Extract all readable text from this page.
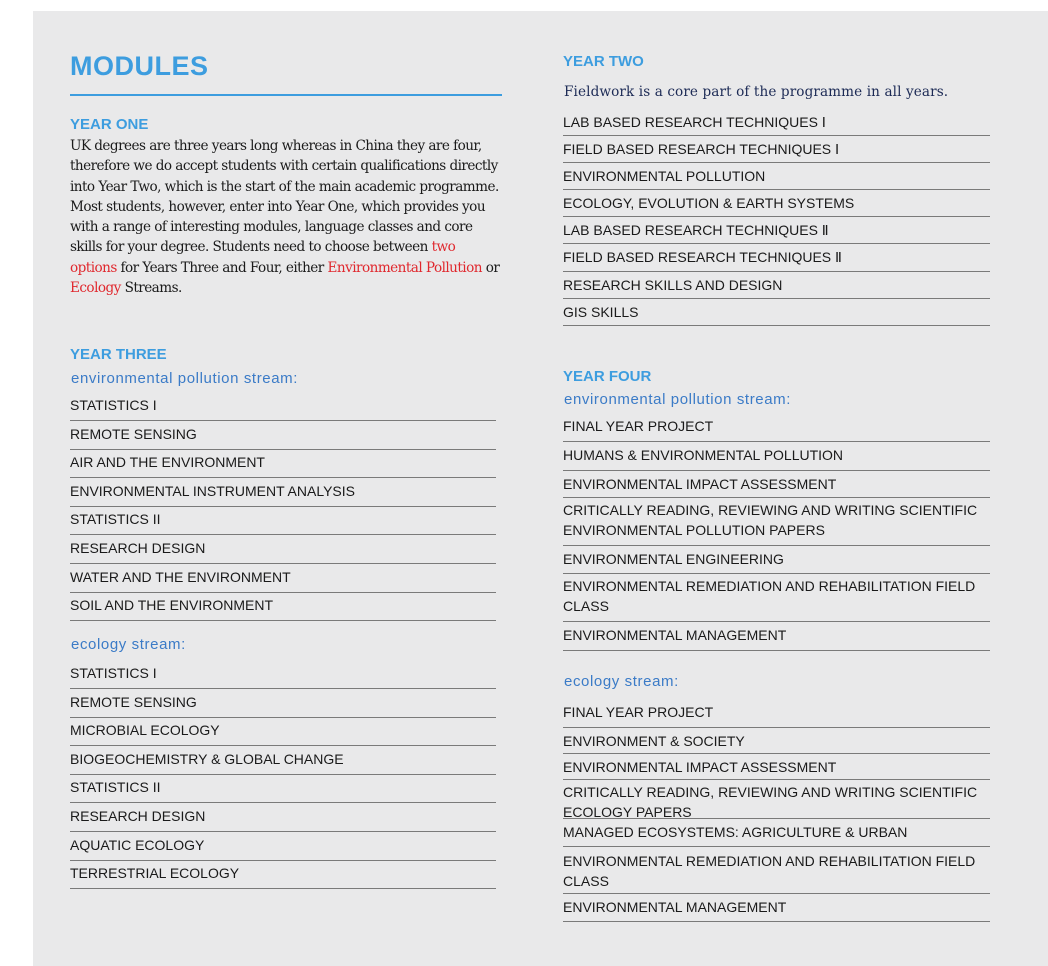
MODULES
YEAR ONE
UK degrees are three years long whereas in China they are four, therefore we do accept students with certain qualifications directly into Year Two, which is the start of the main academic programme. Most students, however, enter into Year One, which provides you with a range of interesting modules, language classes and core skills for your degree. Students need to choose between two options for Years Three and Four, either Environmental Pollution or Ecology Streams.
YEAR THREE
environmental pollution stream:
STATISTICS I
REMOTE SENSING
AIR AND THE ENVIRONMENT
ENVIRONMENTAL INSTRUMENT ANALYSIS
STATISTICS II
RESEARCH DESIGN
WATER AND THE ENVIRONMENT
SOIL AND THE ENVIRONMENT
ecology stream:
STATISTICS I
REMOTE SENSING
MICROBIAL ECOLOGY
BIOGEOCHEMISTRY & GLOBAL CHANGE
STATISTICS II
RESEARCH DESIGN
AQUATIC ECOLOGY
TERRESTRIAL ECOLOGY
YEAR TWO
Fieldwork is a core part of the programme in all years.
LAB BASED RESEARCH TECHNIQUES Ⅰ
FIELD BASED RESEARCH TECHNIQUES Ⅰ
ENVIRONMENTAL POLLUTION
ECOLOGY, EVOLUTION & EARTH SYSTEMS
LAB BASED RESEARCH TECHNIQUES Ⅱ
FIELD BASED RESEARCH TECHNIQUES Ⅱ
RESEARCH SKILLS AND DESIGN
GIS SKILLS
YEAR FOUR
environmental pollution stream:
FINAL YEAR PROJECT
HUMANS & ENVIRONMENTAL POLLUTION
ENVIRONMENTAL IMPACT ASSESSMENT
CRITICALLY READING, REVIEWING AND WRITING SCIENTIFIC ENVIRONMENTAL POLLUTION PAPERS
ENVIRONMENTAL ENGINEERING
ENVIRONMENTAL REMEDIATION AND REHABILITATION FIELD CLASS
ENVIRONMENTAL MANAGEMENT
ecology stream:
FINAL YEAR PROJECT
ENVIRONMENT & SOCIETY
ENVIRONMENTAL IMPACT ASSESSMENT
CRITICALLY READING, REVIEWING AND WRITING SCIENTIFIC ECOLOGY PAPERS
MANAGED ECOSYSTEMS: AGRICULTURE & URBAN
ENVIRONMENTAL REMEDIATION AND REHABILITATION FIELD CLASS
ENVIRONMENTAL MANAGEMENT
